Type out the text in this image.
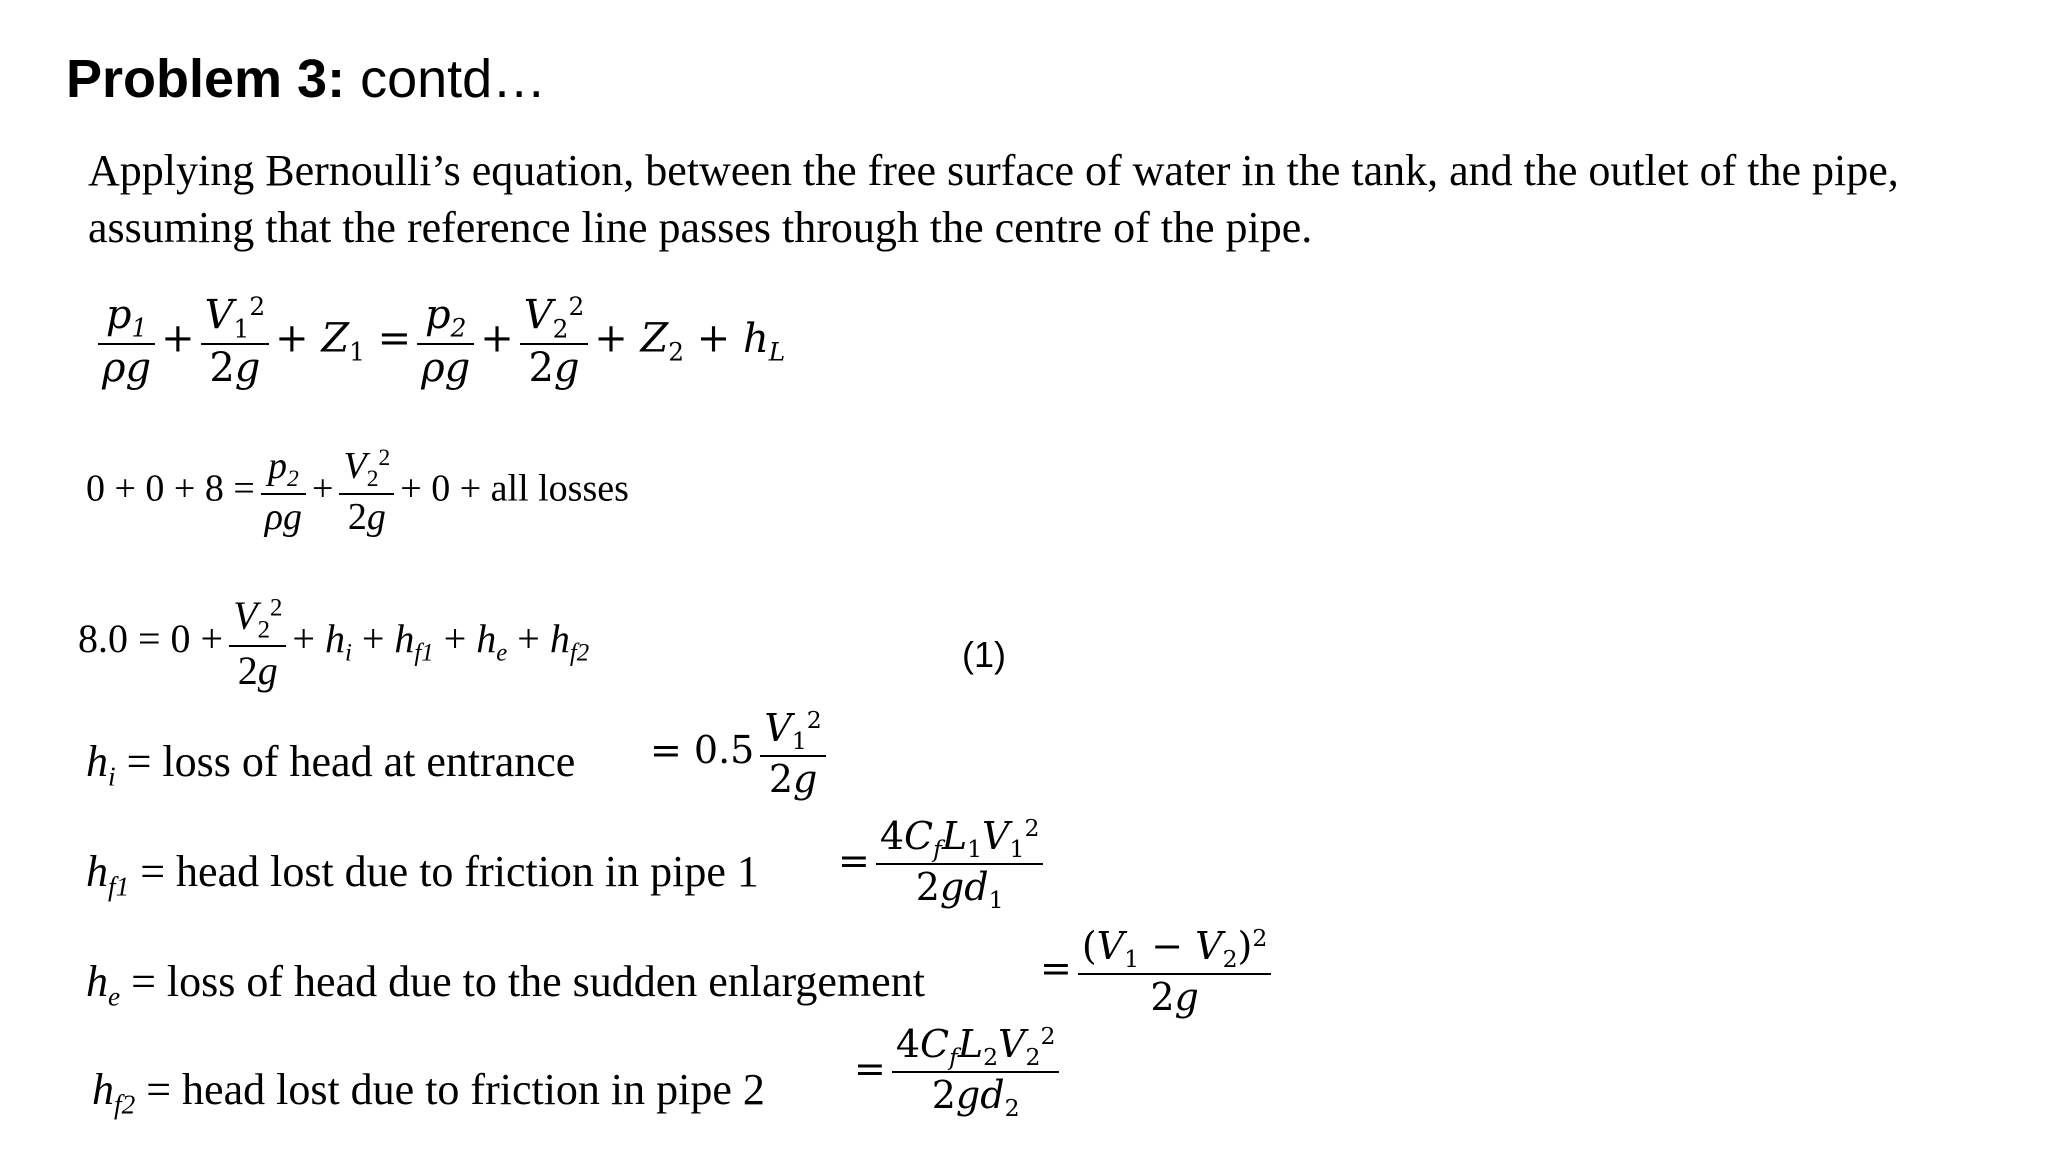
Problem 3: contd…
Applying Bernoulli’s equation, between the free surface of water in the tank, and the outlet of the pipe, assuming that the reference line passes through the centre of the pipe.
$\frac{p_1}{\rho g} + \frac{V_1^2}{2g} + Z_1 = \frac{p_2}{\rho g} + \frac{V_2^2}{2g} + Z_2 + h_L$
$0 + 0 + 8 = \frac{p_2}{\rho g} + \frac{V_2^2}{2g} + 0$ + all losses
$8.0 = 0 + \frac{V_2^2}{2g} + h_i + h_{f1} + h_e + h_{f2}$	(1)
$h_i$ = loss of head at entrance = $0.5 \frac{V_1^2}{2g}$
$h_{f1}$ = head lost due to friction in pipe $1 = \frac{4C_fL_1V_1^2}{2gd_1}$
$h_e$ = loss of head due to the sudden enlargement	= $\frac{(V_1 - V_2)^2}{2g}$
$h_{f2}$ = head lost due to friction in pipe $2 = \frac{4C_fL_2V_2^2}{2gd_2}$
